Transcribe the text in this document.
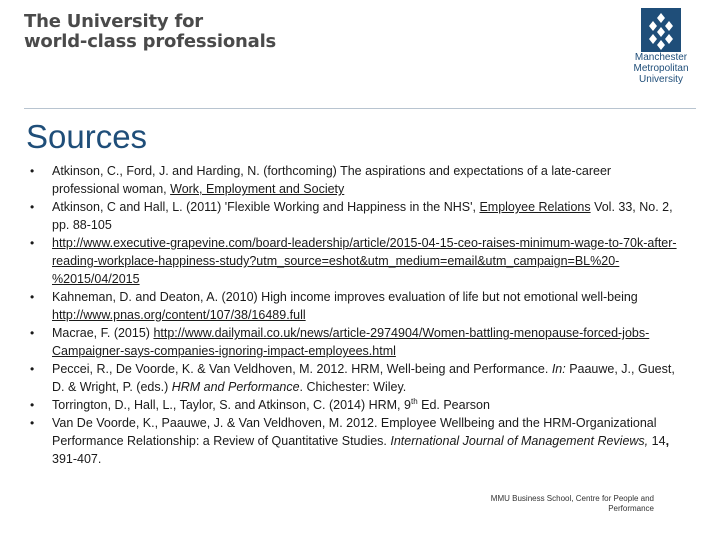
The University for
world-class professionals
Manchester
Metropolitan
University
Sources
• Atkinson, C., Ford, J. and Harding, N. (forthcoming) The aspirations and expectations of a late-career professional woman, Work, Employment and Society
• Atkinson, C and Hall, L. (2011) 'Flexible Working and Happiness in the NHS', Employee Relations Vol. 33, No. 2, pp. 88-105
• http://www.executive-grapevine.com/board-leadership/article/2015-04-15-ceo-raises-minimum-wage-to-70k-after-reading-workplace-happiness-study?utm_source=eshot&utm_medium=email&utm_campaign=BL%20-%2015/04/2015
• Kahneman, D. and Deaton, A. (2010) High income improves evaluation of life but not emotional well-being http://www.pnas.org/content/107/38/16489.full
• Macrae, F. (2015) http://www.dailymail.co.uk/news/article-2974904/Women-battling-menopause-forced-jobs-Campaigner-says-companies-ignoring-impact-employees.html
• Peccei, R., De Voorde, K. & Van Veldhoven, M. 2012. HRM, Well-being and Performance. In: Paauwe, J., Guest, D. & Wright, P. (eds.) HRM and Performance. Chichester: Wiley.
• Torrington, D., Hall, L., Taylor, S. and Atkinson, C. (2014) HRM, 9th Ed. Pearson
• Van De Voorde, K., Paauwe, J. & Van Veldhoven, M. 2012. Employee Wellbeing and the HRM-Organizational Performance Relationship: a Review of Quantitative Studies. International Journal of Management Reviews, 14, 391-407.
MMU Business School, Centre for People and
Performance
